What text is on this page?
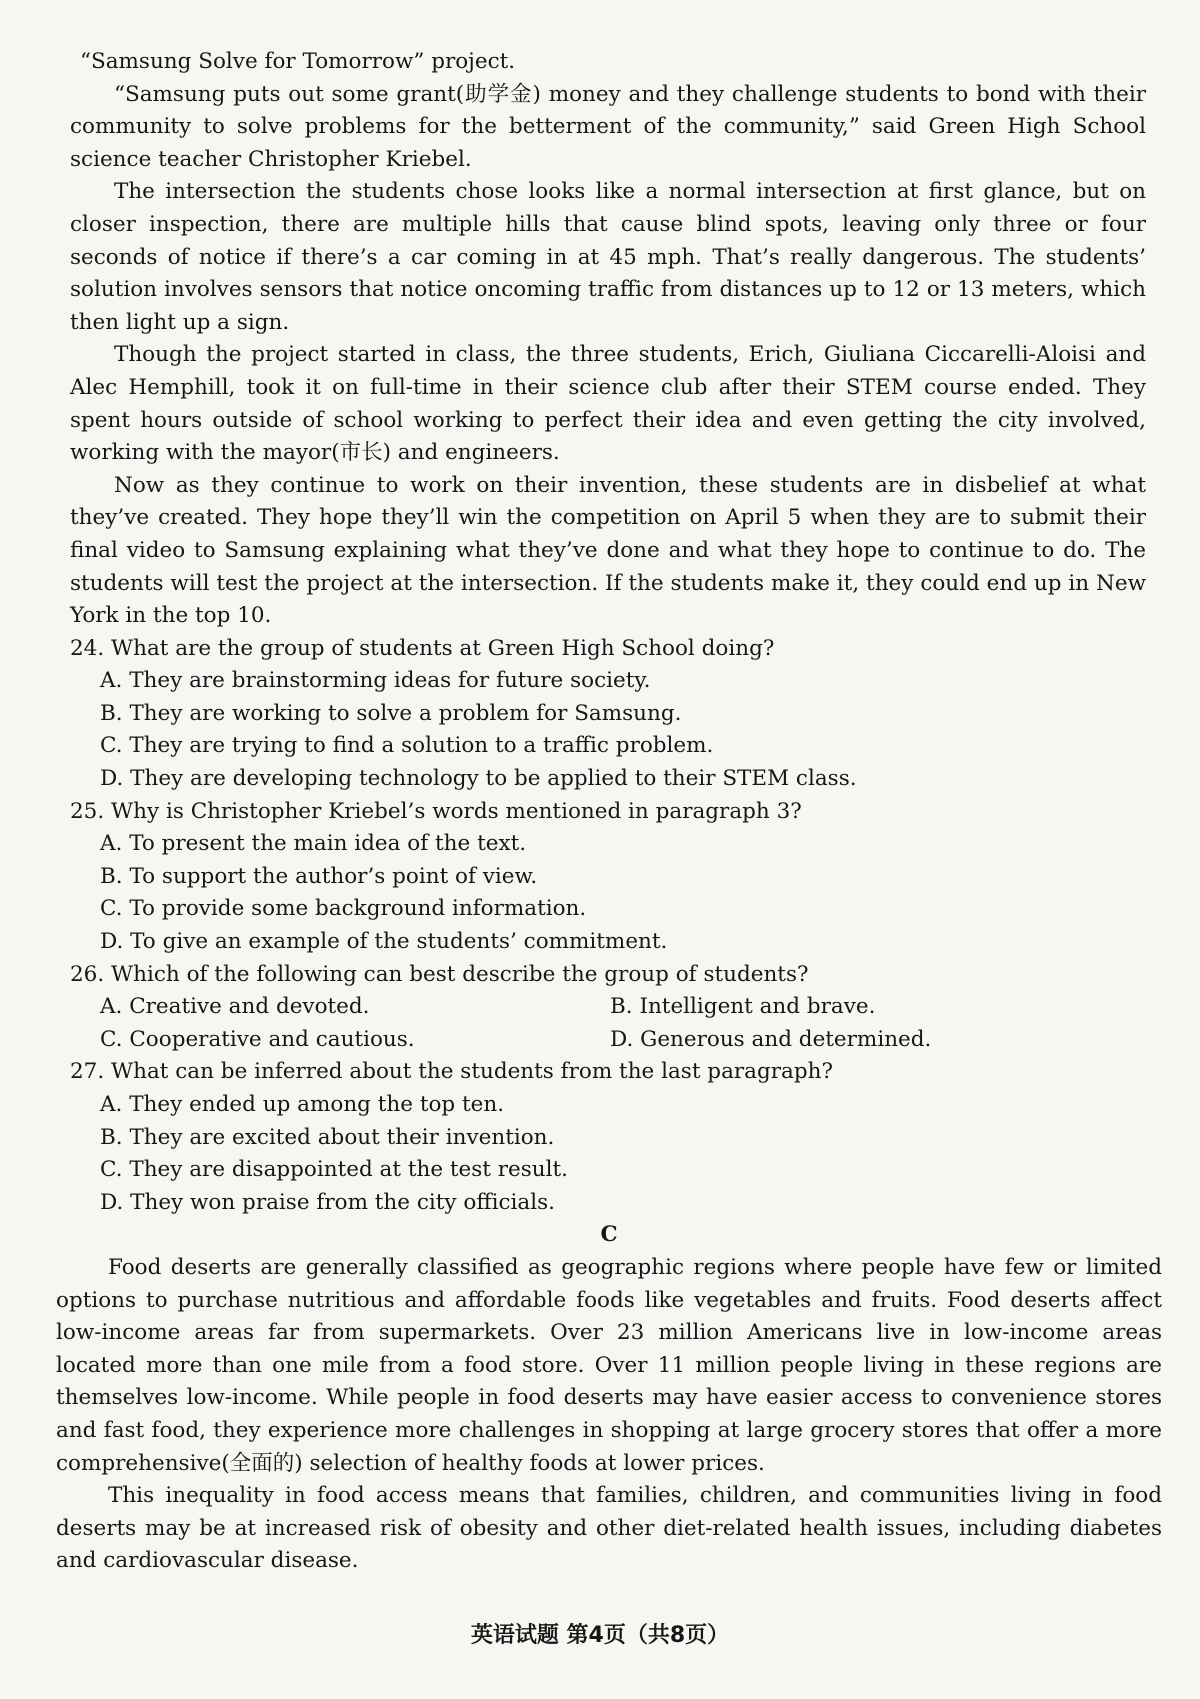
“Samsung Solve for Tomorrow” project.

“Samsung puts out some grant(助学金) money and they challenge students to bond with their community to solve problems for the betterment of the community,” said Green High School science teacher Christopher Kriebel.

The intersection the students chose looks like a normal intersection at first glance, but on closer inspection, there are multiple hills that cause blind spots, leaving only three or four seconds of notice if there’s a car coming in at 45 mph. That’s really dangerous. The students’ solution involves sensors that notice oncoming traffic from distances up to 12 or 13 meters, which then light up a sign.

Though the project started in class, the three students, Erich, Giuliana Ciccarelli-Aloisi and Alec Hemphill, took it on full-time in their science club after their STEM course ended. They spent hours outside of school working to perfect their idea and even getting the city involved, working with the mayor(市长) and engineers.

Now as they continue to work on their invention, these students are in disbelief at what they’ve created. They hope they’ll win the competition on April 5 when they are to submit their final video to Samsung explaining what they’ve done and what they hope to continue to do. The students will test the project at the intersection. If the students make it, they could end up in New York in the top 10.

24. What are the group of students at Green High School doing?

A. They are brainstorming ideas for future society.

B. They are working to solve a problem for Samsung.

C. They are trying to find a solution to a traffic problem.

D. They are developing technology to be applied to their STEM class.

25. Why is Christopher Kriebel’s words mentioned in paragraph 3?

A. To present the main idea of the text.

B. To support the author’s point of view.

C. To provide some background information.

D. To give an example of the students’ commitment.

26. Which of the following can best describe the group of students?

A. Creative and devoted.	B. Intelligent and brave.
C. Cooperative and cautious.	D. Generous and determined.

27. What can be inferred about the students from the last paragraph?

A. They ended up among the top ten.

B. They are excited about their invention.

C. They are disappointed at the test result.

D. They won praise from the city officials.

C

Food deserts are generally classified as geographic regions where people have few or limited options to purchase nutritious and affordable foods like vegetables and fruits. Food deserts affect low-income areas far from supermarkets. Over 23 million Americans live in low-income areas located more than one mile from a food store. Over 11 million people living in these regions are themselves low-income. While people in food deserts may have easier access to convenience stores and fast food, they experience more challenges in shopping at large grocery stores that offer a more comprehensive(全面的) selection of healthy foods at lower prices.

This inequality in food access means that families, children, and communities living in food deserts may be at increased risk of obesity and other diet-related health issues, including diabetes and cardiovascular disease.

英语试题 第4页（共8页）
